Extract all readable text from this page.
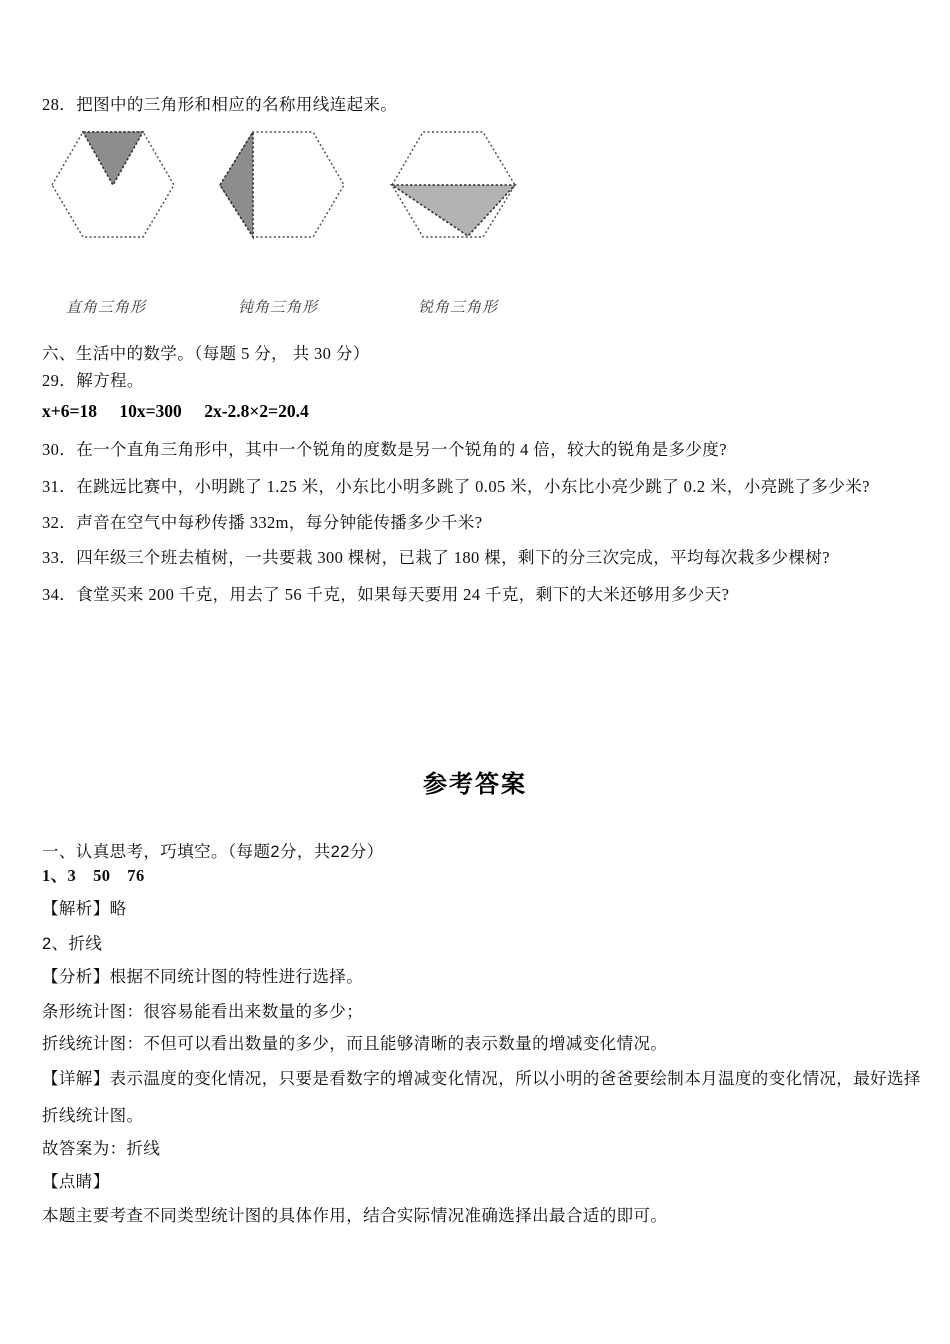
28．把图中的三角形和相应的名称用线连起来。
直角三角形	钝角三角形	锐角三角形
六、生活中的数学。（每题 5 分， 共 30 分）
29．解方程。
x+6=18 10x=300 2x-2.8×2=20.4
30．在一个直角三角形中，其中一个锐角的度数是另一个锐角的 4 倍，较大的锐角是多少度?
31．在跳远比赛中，小明跳了 1.25 米，小东比小明多跳了 0.05 米，小东比小亮少跳了 0.2 米，小亮跳了多少米?
32．声音在空气中每秒传播 332m，每分钟能传播多少千米?
33．四年级三个班去植树，一共要栽 300 棵树，已栽了 180 棵，剩下的分三次完成，平均每次栽多少棵树?
34．食堂买来 200 千克，用去了 56 千克，如果每天要用 24 千克，剩下的大米还够用多少天?
参考答案
一、认真思考，巧填空。（每题2分，共22分）
1、3　50　76
【解析】略
2、折线
【分析】根据不同统计图的特性进行选择。
条形统计图：很容易能看出来数量的多少；
折线统计图：不但可以看出数量的多少，而且能够清晰的表示数量的增减变化情况。
【详解】表示温度的变化情况，只要是看数字的增减变化情况，所以小明的爸爸要绘制本月温度的变化情况，最好选择
折线统计图。
故答案为：折线
【点睛】
本题主要考查不同类型统计图的具体作用，结合实际情况准确选择出最合适的即可。
